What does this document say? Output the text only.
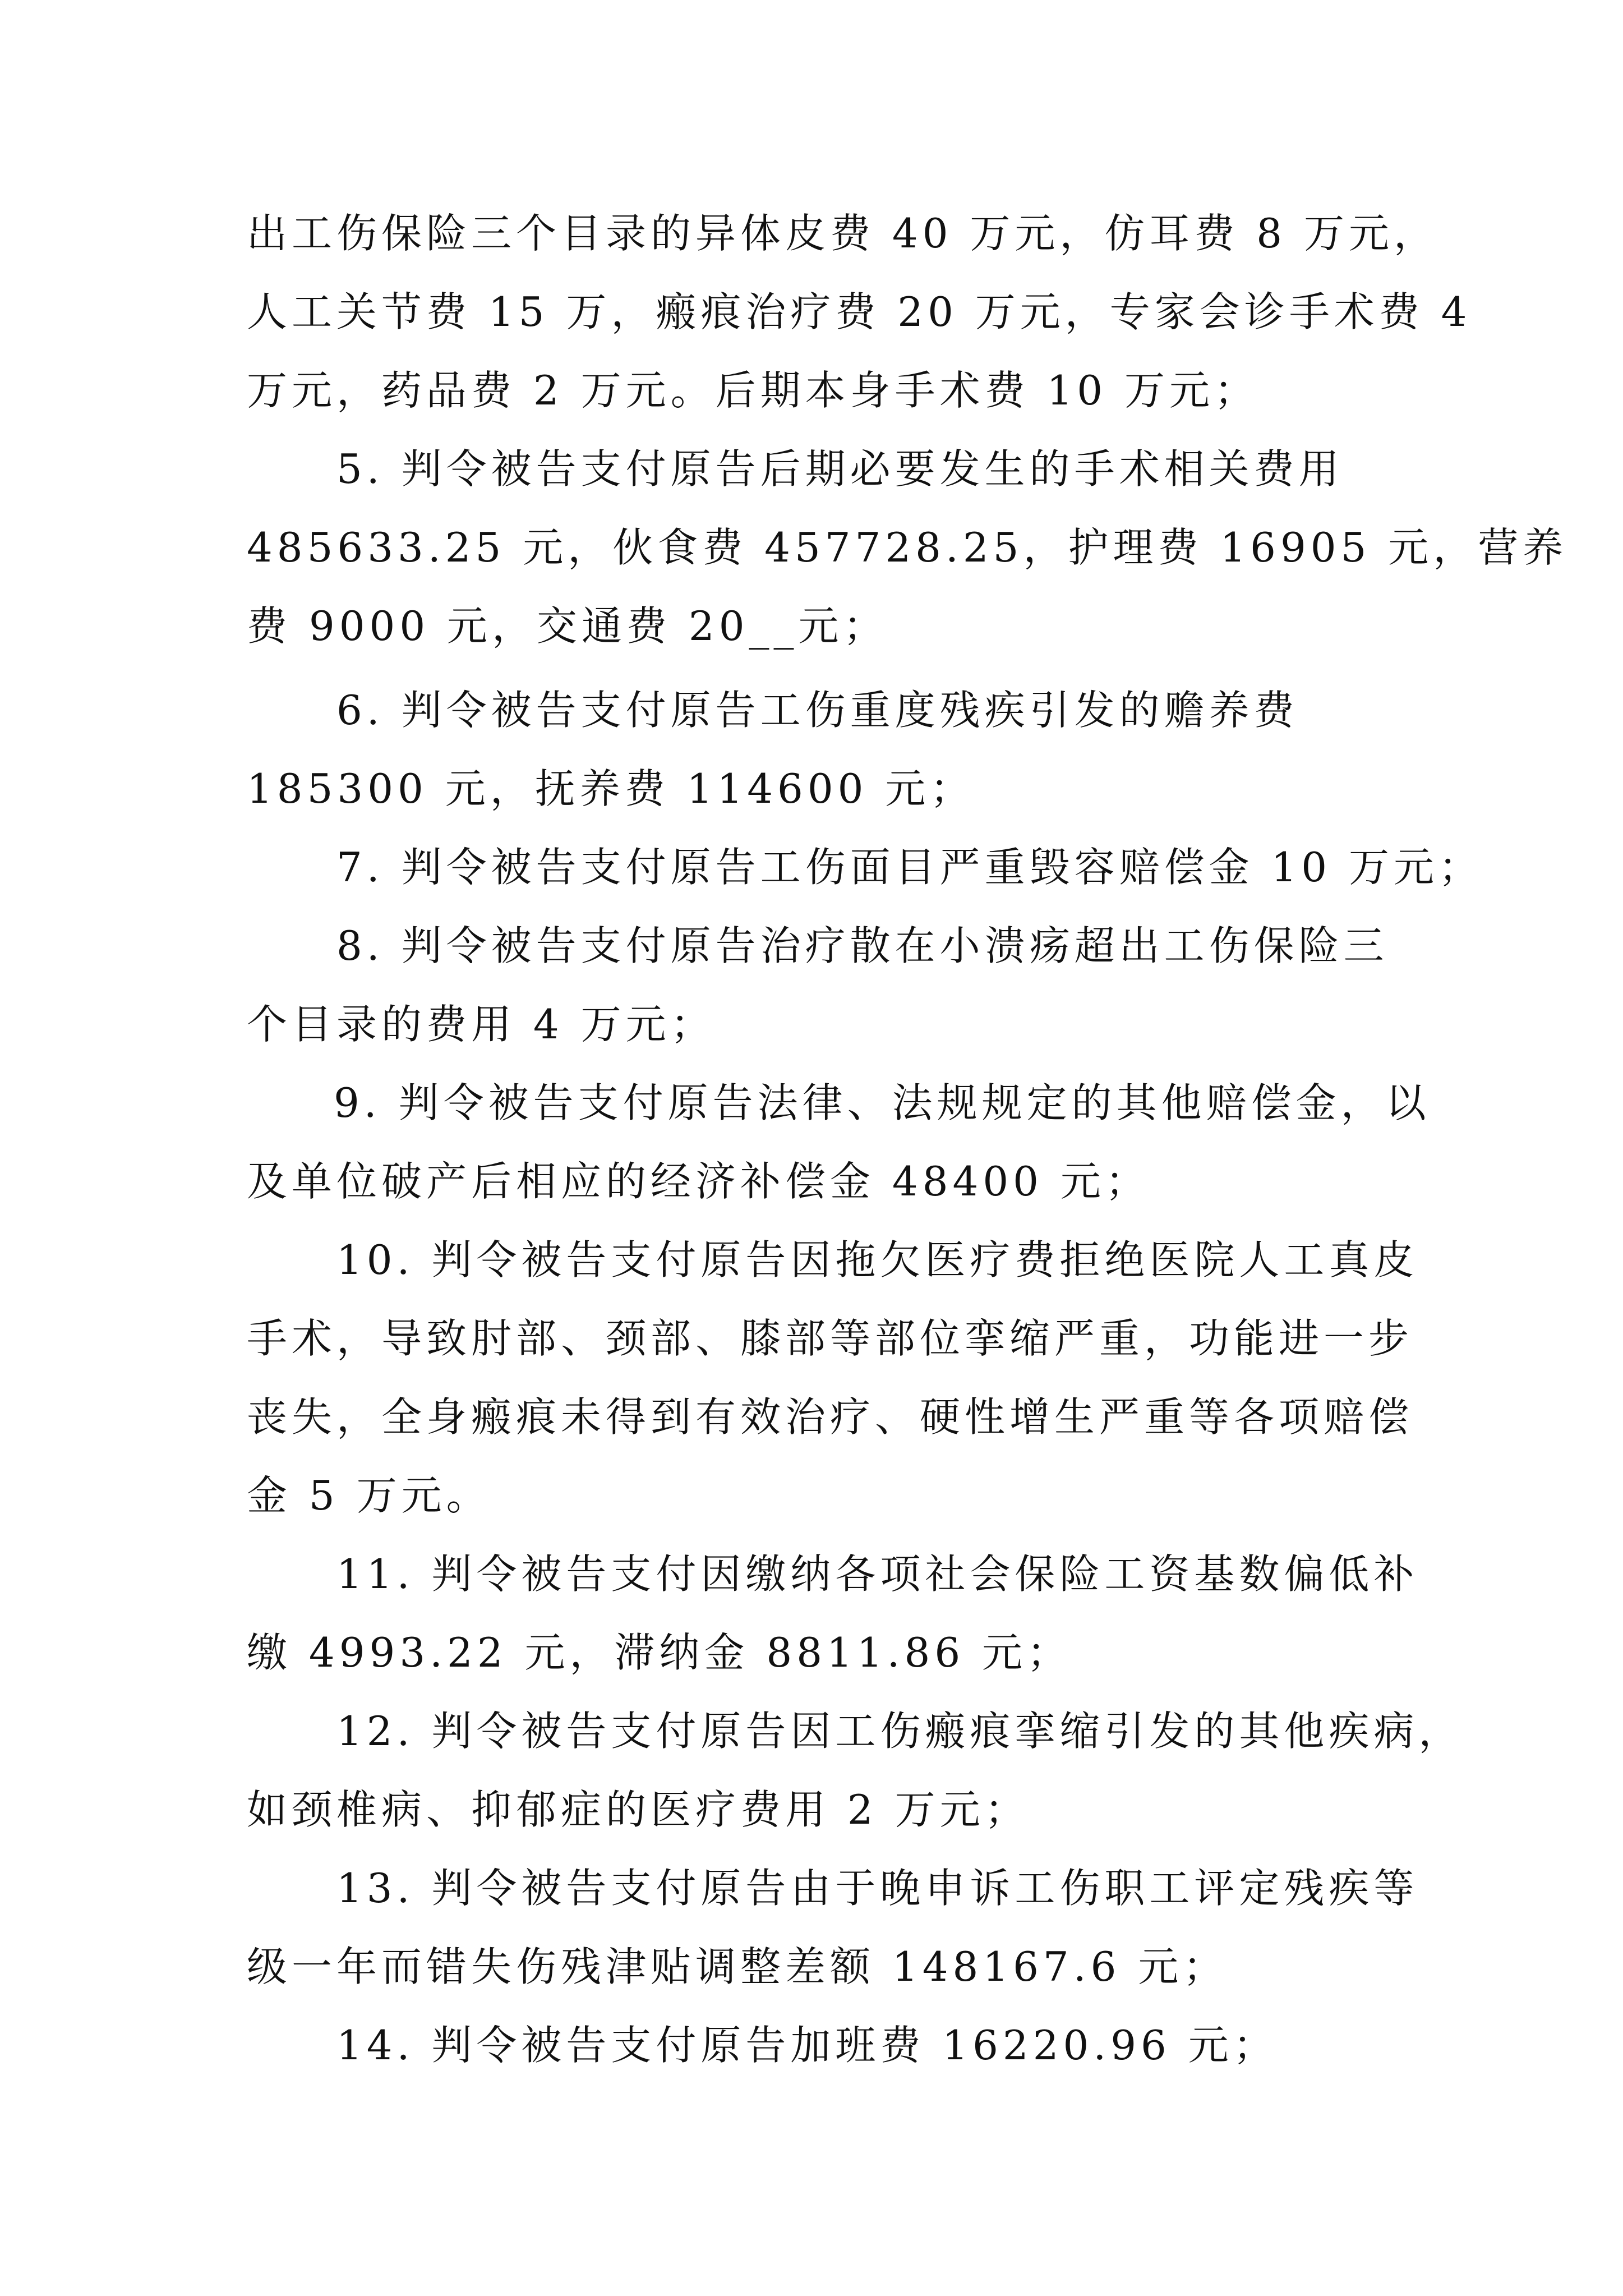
出工伤保险三个目录的异体皮费 40 万元，仿耳费 8 万元，
人工关节费 15 万，瘢痕治疗费 20 万元，专家会诊手术费 4
万元，药品费 2 万元。后期本身手术费 10 万元；
5. 判令被告支付原告后期必要发生的手术相关费用
485633.25 元，伙食费 457728.25，护理费 16905 元，营养
费 9000 元，交通费 20__元；
6. 判令被告支付原告工伤重度残疾引发的赡养费
185300 元，抚养费 114600 元；
7. 判令被告支付原告工伤面目严重毁容赔偿金 10 万元；
8. 判令被告支付原告治疗散在小溃疡超出工伤保险三
个目录的费用 4 万元；
9. 判令被告支付原告法律、法规规定的其他赔偿金，以
及单位破产后相应的经济补偿金 48400 元；
10. 判令被告支付原告因拖欠医疗费拒绝医院人工真皮
手术，导致肘部、颈部、膝部等部位挛缩严重，功能进一步
丧失，全身瘢痕未得到有效治疗、硬性增生严重等各项赔偿
金 5 万元。
11. 判令被告支付因缴纳各项社会保险工资基数偏低补
缴 4993.22 元，滞纳金 8811.86 元；
12. 判令被告支付原告因工伤瘢痕挛缩引发的其他疾病，
如颈椎病、抑郁症的医疗费用 2 万元；
13. 判令被告支付原告由于晚申诉工伤职工评定残疾等
级一年而错失伤残津贴调整差额 148167.6 元；
14. 判令被告支付原告加班费 16220.96 元；
